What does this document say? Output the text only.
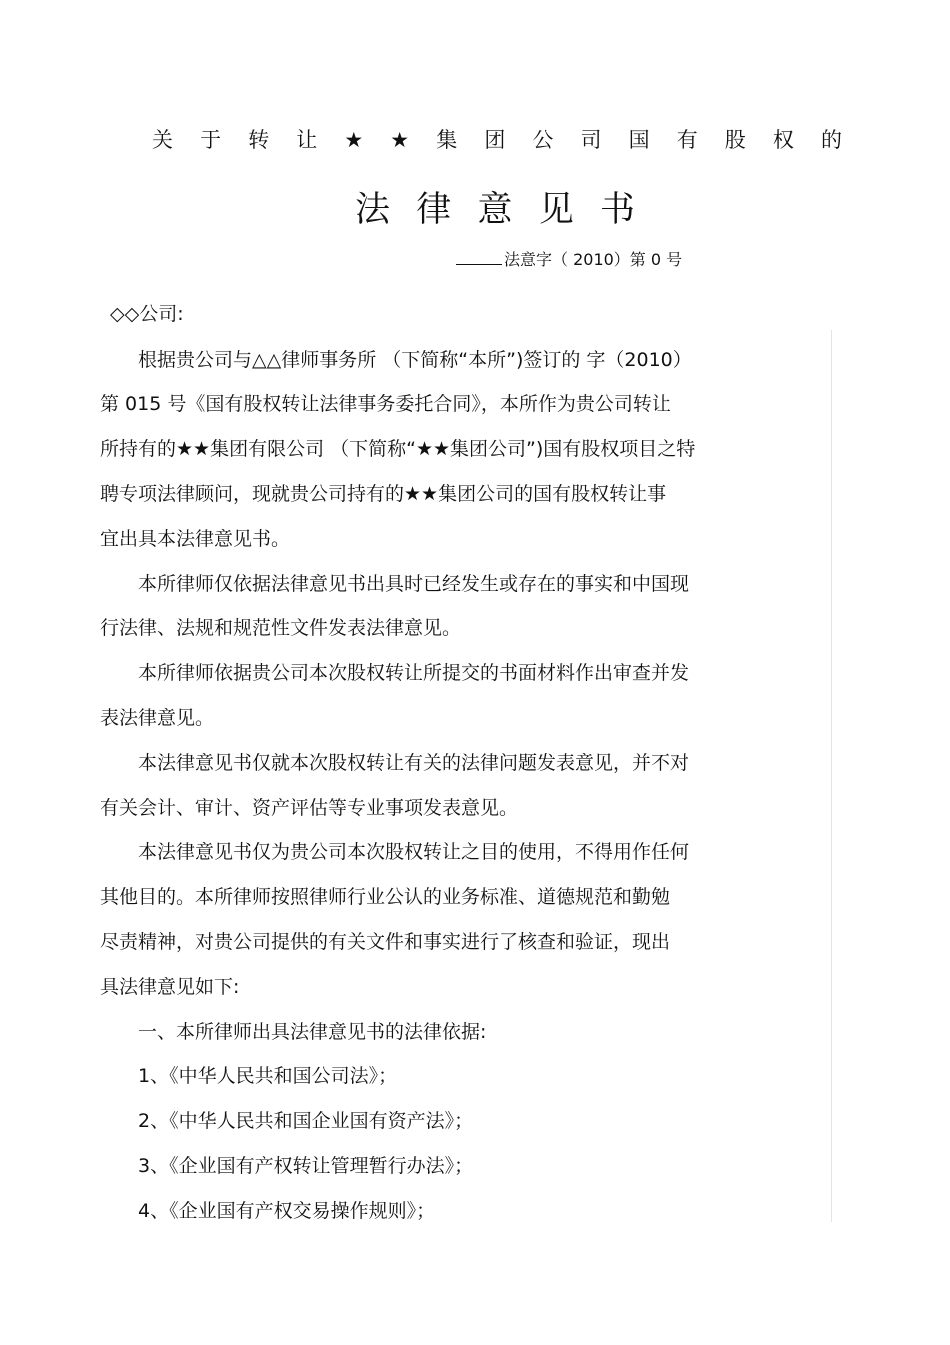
关 于 转 让 ★ ★ 集 团 公 司 国 有 股 权 的
法 律 意 见 书
法意字（ 2010）第 0 号
◇◇公司:
根据贵公司与△△律师事务所 （下简称“本所”)签订的 字（2010）
第 015 号《国有股权转让法律事务委托合同》，本所作为贵公司转让
所持有的★★集团有限公司 （下简称“★★集团公司”)国有股权项目之特
聘专项法律顾问，现就贵公司持有的★★集团公司的国有股权转让事
宜出具本法律意见书。
本所律师仅依据法律意见书出具时已经发生或存在的事实和中国现
行法律、法规和规范性文件发表法律意见。
本所律师依据贵公司本次股权转让所提交的书面材料作出审查并发
表法律意见。
本法律意见书仅就本次股权转让有关的法律问题发表意见，并不对
有关会计、审计、资产评估等专业事项发表意见。
本法律意见书仅为贵公司本次股权转让之目的使用，不得用作任何
其他目的。本所律师按照律师行业公认的业务标准、道德规范和勤勉
尽责精神，对贵公司提供的有关文件和事实进行了核查和验证，现出
具法律意见如下:
一、本所律师出具法律意见书的法律依据:
1、《中华人民共和国公司法》；
2、《中华人民共和国企业国有资产法》；
3、《企业国有产权转让管理暂行办法》；
4、《企业国有产权交易操作规则》；
